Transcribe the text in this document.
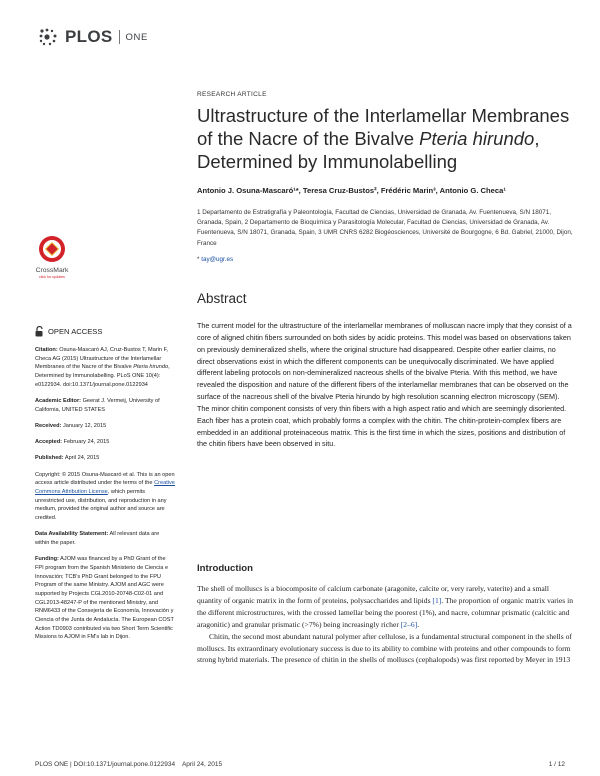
PLOS ONE
RESEARCH ARTICLE
Ultrastructure of the Interlamellar Membranes of the Nacre of the Bivalve Pteria hirundo, Determined by Immunolabelling
Antonio J. Osuna-Mascaró¹*, Teresa Cruz-Bustos², Frédéric Marin³, Antonio G. Checa¹
1 Departamento de Estratigrafía y Paleontología, Facultad de Ciencias, Universidad de Granada, Av. Fuentenueva, S/N 18071, Granada, Spain, 2 Departamento de Bioquímica y Parasitología Molecular, Facultad de Ciencias, Universidad de Granada, Av. Fuentenueva, S/N 18071, Granada, Spain, 3 UMR CNRS 6282 Biogéosciences, Université de Bourgogne, 6 Bd. Gabriel, 21000, Dijon, France
* tay@ugr.es
Abstract
The current model for the ultrastructure of the interlamellar membranes of molluscan nacre imply that they consist of a core of aligned chitin fibers surrounded on both sides by acidic proteins. This model was based on observations taken on previously demineralized shells, where the original structure had disappeared. Despite other earlier claims, no direct observations exist in which the different components can be unequivocally discriminated. We have applied different labeling protocols on non-demineralized nacreous shells of the bivalve Pteria. With this method, we have revealed the disposition and nature of the different fibers of the interlamellar membranes that can be observed on the surface of the nacreous shell of the bivalve Pteria hirundo by high resolution scanning electron microscopy (SEM). The minor chitin component consists of very thin fibers with a high aspect ratio and which are seemingly disoriented. Each fiber has a protein coat, which probably forms a complex with the chitin. The chitin-protein-complex fibers are embedded in an additional proteinaceous matrix. This is the first time in which the sizes, positions and distribution of the chitin fibers have been observed in situ.
Introduction

The shell of molluscs is a biocomposite of calcium carbonate (aragonite, calcite or, very rarely, vaterite) and a small quantity of organic matrix in the form of proteins, polysaccharides and lipids [1]. The proportion of organic matrix varies in the different microstructures, with the crossed lamellar being the poorest (1%), and nacre, columnar prismatic (calcitic and aragonitic) and granular prismatic (>7%) being increasingly richer [2–6].

Chitin, the second most abundant natural polymer after cellulose, is a fundamental structural component in the shells of molluscs. Its extraordinary evolutionary success is due to its ability to combine with proteins and other compounds to form strong hybrid materials. The presence of chitin in the shells of molluscs (cephalopods) was first reported by Meyer in 1913

CrossMark
click for updates
OPEN ACCESS
Citation: Osuna-Mascaró AJ, Cruz-Bustos T, Marin F, Checa AG (2015) Ultrastructure of the Interlamellar Membranes of the Nacre of the Bivalve Pteria hirundo, Determined by Immunolabelling. PLoS ONE 10(4): e0122934. doi:10.1371/journal.pone.0122934
Academic Editor: Geerat J. Vermeij, University of California, UNITED STATES
Received: January 12, 2015
Accepted: February 24, 2015
Published: April 24, 2015
Copyright: © 2015 Osuna-Mascaró et al. This is an open access article distributed under the terms of the Creative Commons Attribution License, which permits unrestricted use, distribution, and reproduction in any medium, provided the original author and source are credited.
Data Availability Statement: All relevant data are within the paper.
Funding: AJOM was financed by a PhD Grant of the FPI program from the Spanish Ministerio de Ciencia e Innovación; TCB's PhD Grant belonged to the FPU Program of the same Ministry. AJOM and AGC were supported by Projects CGL2010-20748-C02-01 and CGL2013-48247-P of the mentioned Ministry, and RNM6433 of the Consejería de Economía, Innovación y Ciencia of the Junta de Andalucía. The European COST Action TD0903 contributed via two Short Term Scientific Missions to AJOM in FM's lab in Dijon.
PLOS ONE | DOI:10.1371/journal.pone.0122934    April 24, 2015	1 / 12
